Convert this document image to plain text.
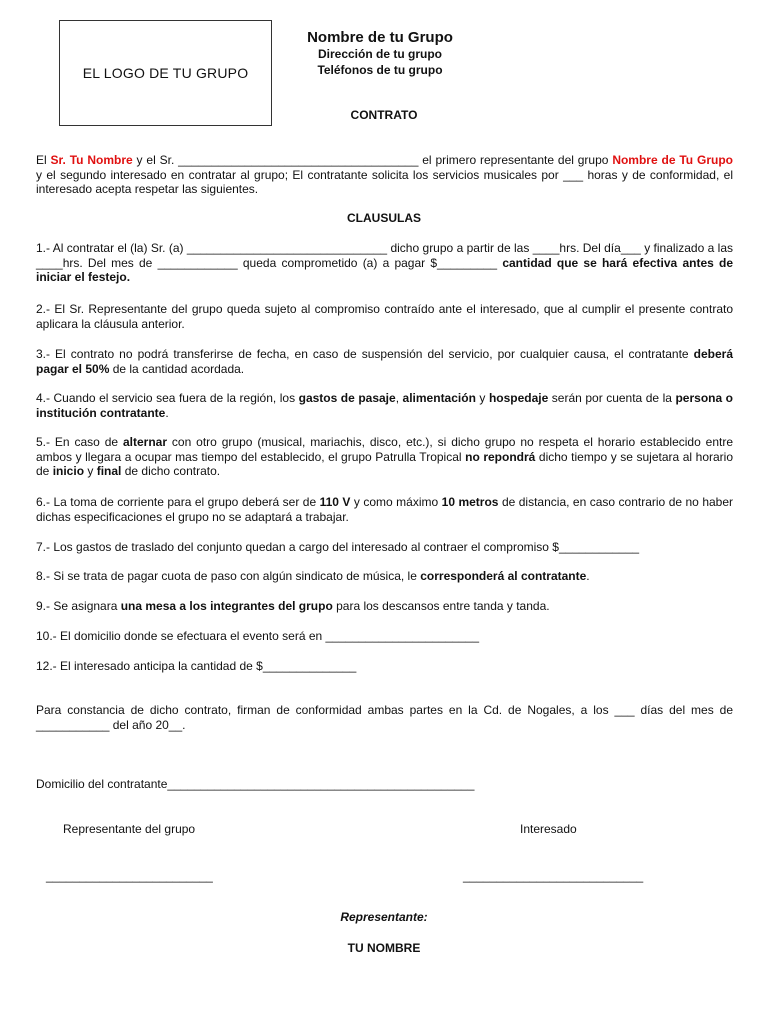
EL LOGO DE TU GRUPO
Nombre de tu Grupo
Dirección de tu grupo
Teléfonos de tu grupo
CONTRATO

El Sr. Tu Nombre y el Sr. ____________________________________ el primero representante del grupo Nombre de Tu Grupo y el segundo interesado en contratar al grupo; El contratante solicita los servicios musicales por ___ horas y de conformidad, el interesado acepta respetar las siguientes.

CLAUSULAS

1.- Al contratar el (la) Sr. (a) ______________________________ dicho grupo a partir de las ____hrs. Del día___ y finalizado a las ____hrs. Del mes de ____________ queda comprometido (a) a pagar $_________ cantidad que se hará efectiva antes de iniciar el festejo.

2.- El Sr. Representante del grupo queda sujeto al compromiso contraído ante el interesado, que al cumplir el presente contrato aplicara la cláusula anterior.

3.- El contrato no podrá transferirse de fecha, en caso de suspensión del servicio, por cualquier causa, el contratante deberá pagar el 50% de la cantidad acordada.

4.- Cuando el servicio sea fuera de la región, los gastos de pasaje, alimentación y hospedaje serán por cuenta de la persona o institución contratante.

5.- En caso de alternar con otro grupo (musical, mariachis, disco, etc.), si dicho grupo no respeta el horario establecido entre ambos y llegara a ocupar mas tiempo del establecido, el grupo Patrulla Tropical no repondrá dicho tiempo y se sujetara al horario de inicio y final de dicho contrato.

6.- La toma de corriente para el grupo deberá ser de 110 V y como máximo 10 metros de distancia, en caso contrario de no haber dichas especificaciones el grupo no se adaptará a trabajar.

7.- Los gastos de traslado del conjunto quedan a cargo del interesado al contraer el compromiso $____________

8.- Si se trata de pagar cuota de paso con algún sindicato de música, le corresponderá al contratante.

9.- Se asignara una mesa a los integrantes del grupo para los descansos entre tanda y tanda.

10.- El domicilio donde se efectuara el evento será en _______________________

12.- El interesado anticipa la cantidad de $______________

Para constancia de dicho contrato, firman de conformidad ambas partes en la Cd. de Nogales, a los ___ días del mes de ___________ del año 20__.

Domicilio del contratante______________________________________________

Representante del grupo	Interesado
_________________________	___________________________
Representante:
TU NOMBRE
